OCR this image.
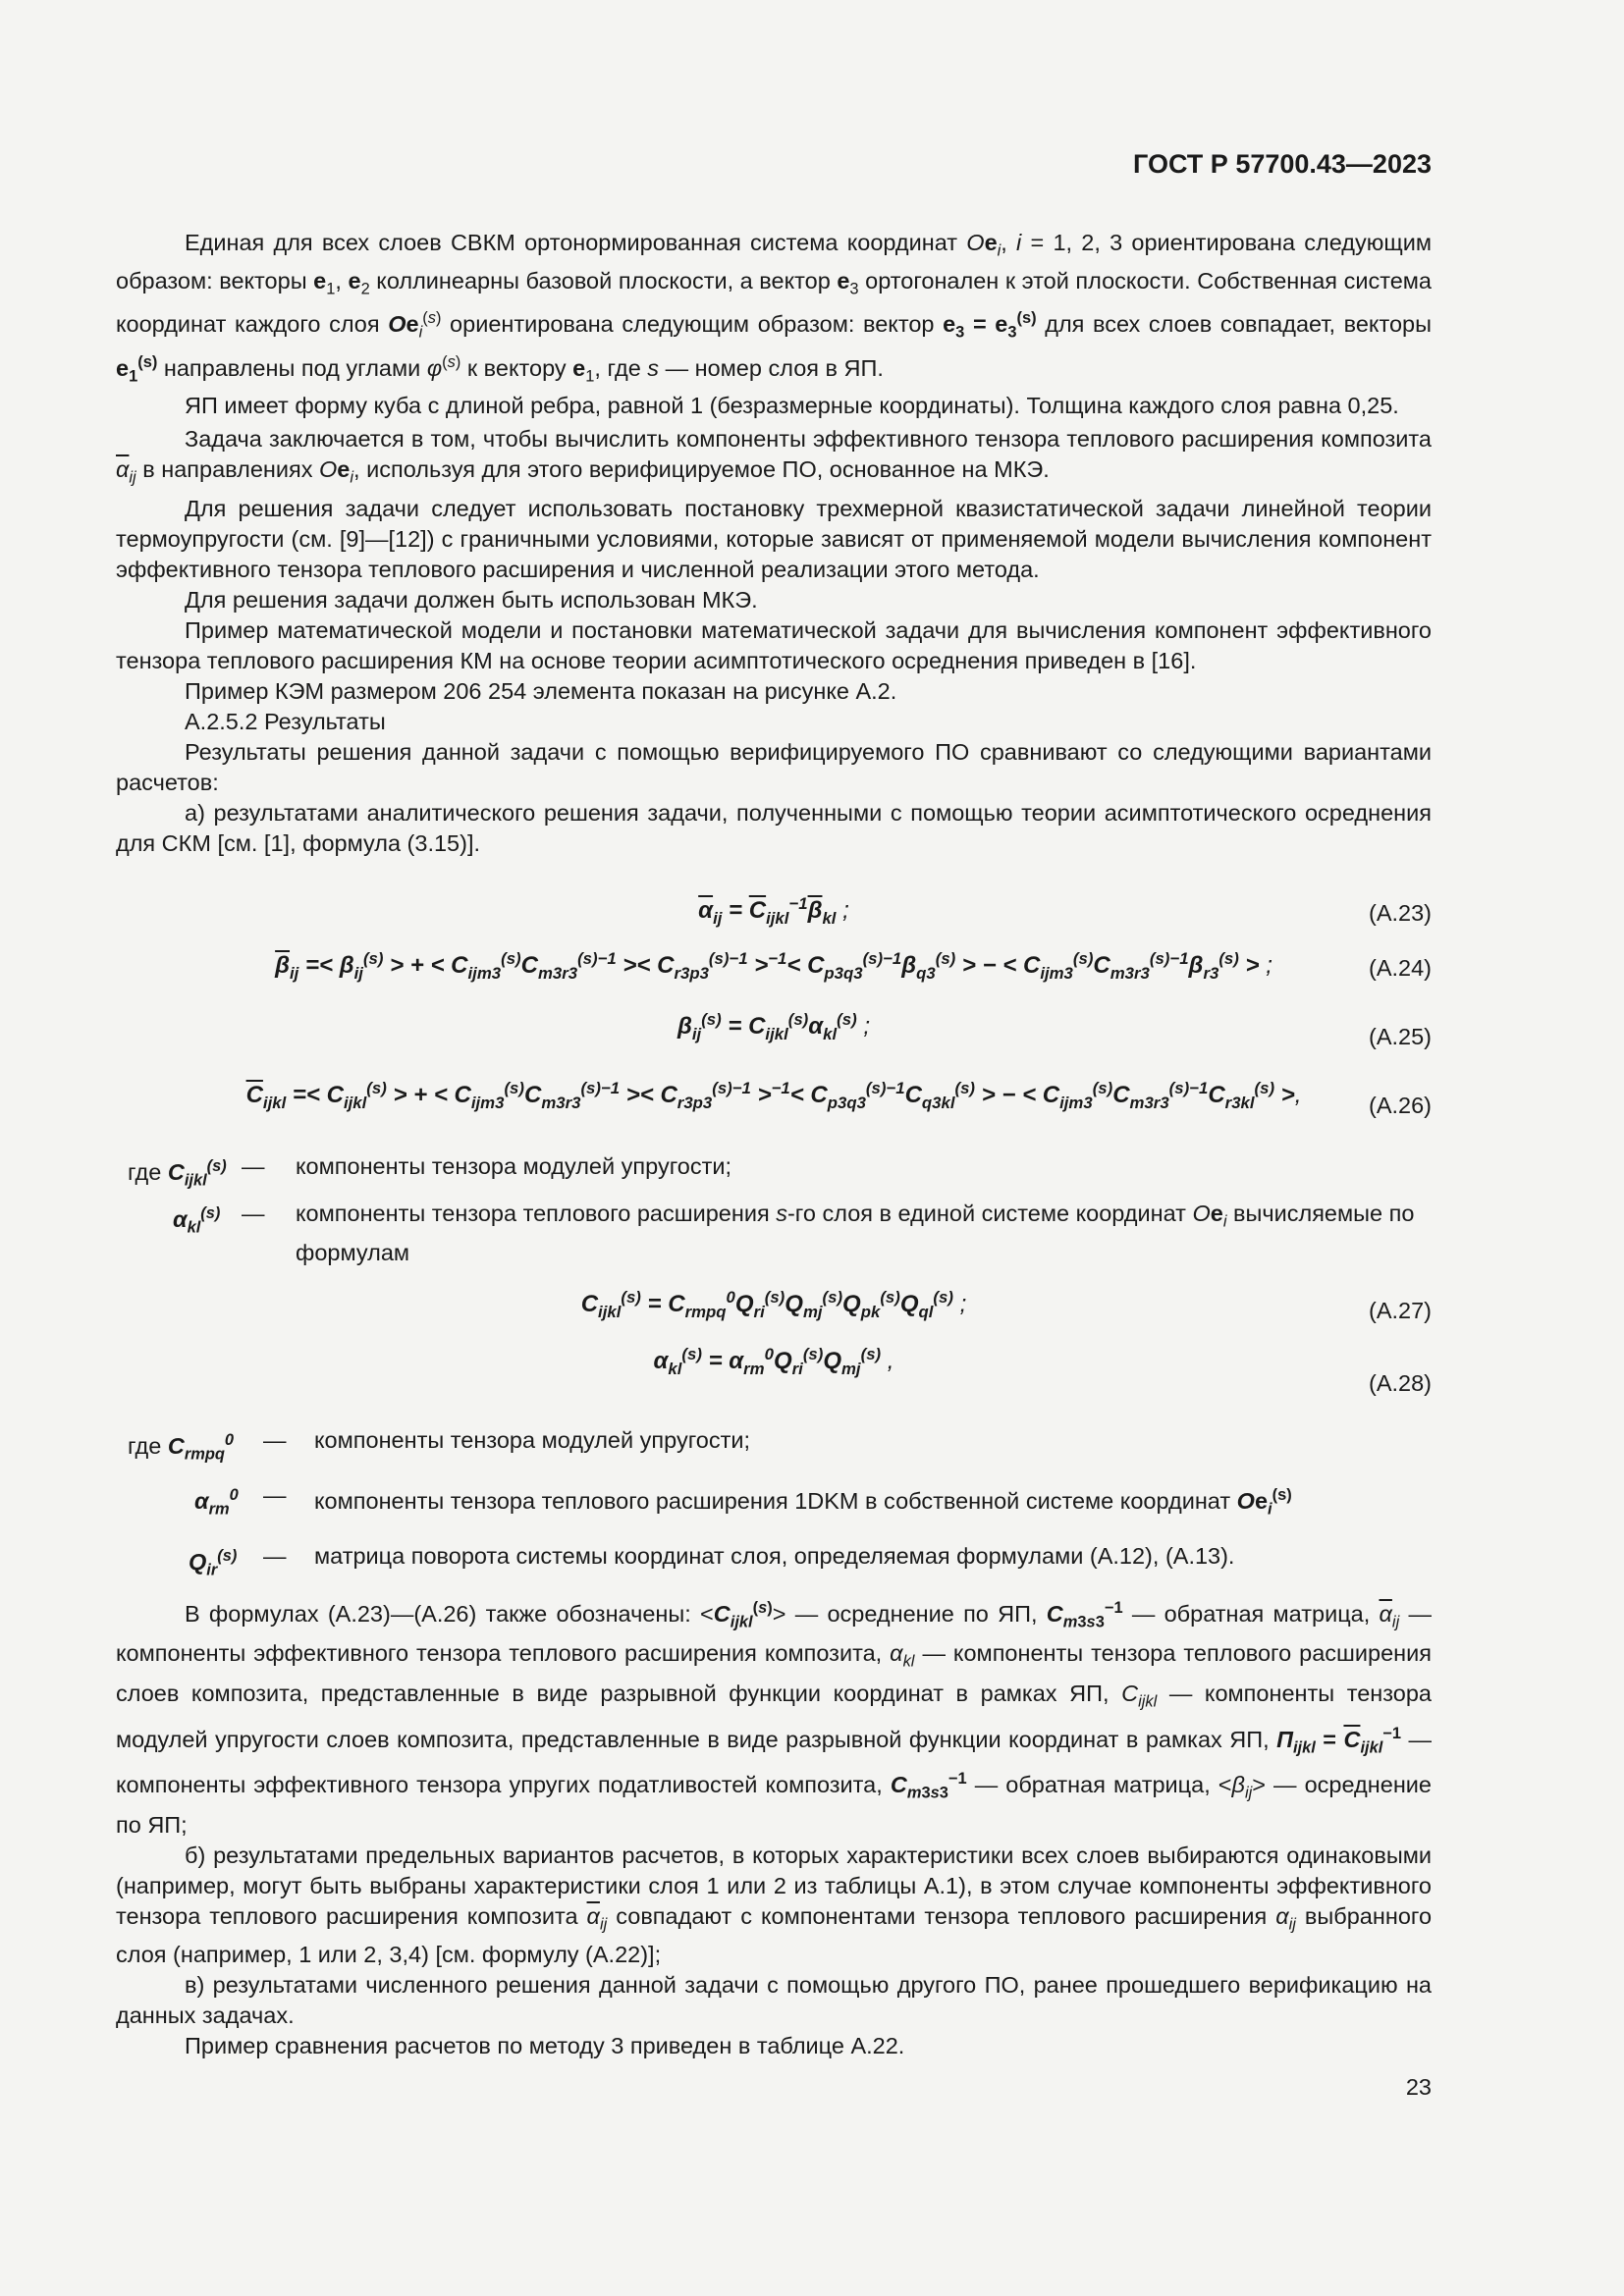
ГОСТ Р 57700.43—2023

Единая для всех слоев СВКМ ортонормированная система координат $Oe_i$, i = 1, 2, 3 ориентирована следующим образом: векторы $e_1$, $e_2$ коллинеарны базовой плоскости, а вектор $e_3$ ортогонален к этой плоскости. Собственная система координат каждого слоя $Oe_i^{(s)}$ ориентирована следующим образом: вектор $e_3 = e_3^{(s)}$ для всех слоев совпадает, векторы $e_1^{(s)}$ направлены под углами $\varphi^{(s)}$ к вектору $e_1$, где s — номер слоя в ЯП.

ЯП имеет форму куба с длиной ребра, равной 1 (безразмерные координаты). Толщина каждого слоя равна 0,25.

Задача заключается в том, чтобы вычислить компоненты эффективного тензора теплового расширения композита $\overline{\alpha}_{ij}$ в направлениях $Oe_i$, используя для этого верифицируемое ПО, основанное на МКЭ.

Для решения задачи следует использовать постановку трехмерной квазистатической задачи линейной теории термоупругости (см. [9]—[12]) с граничными условиями, которые зависят от применяемой модели вычисления компонент эффективного тензора теплового расширения и численной реализации этого метода.

Для решения задачи должен быть использован МКЭ.

Пример математической модели и постановки математической задачи для вычисления компонент эффективного тензора теплового расширения КМ на основе теории асимптотического осреднения приведен в [16].

Пример КЭМ размером 206 254 элемента показан на рисунке А.2.

А.2.5.2 Результаты

Результаты решения данной задачи с помощью верифицируемого ПО сравнивают со следующими вариантами расчетов:

а) результатами аналитического решения задачи, полученными с помощью теории асимптотического осреднения для СКМ [см. [1], формула (3.15)].

$\overline{\alpha}_{ij} = \overline{C}_{ijkl}^{-1}\overline{\beta}_{kl}$ ;	(А.23)
$\overline{\beta}_{ij} =< \beta_{ij}^{(s)}$ > + < $C_{ijm3}^{(s)}C_{m3r3}^{(s)-1} >< C_{r3p3}^{(s)-1} >^{-1}< C_{p3q3}^{(s)-1}\beta_{q3}^{(s)}$ > − < $C_{ijm3}^{(s)}C_{m3r3}^{(s)-1}\beta_{r3}^{(s)}$ > ;	(А.24)
$\beta_{ij}^{(s)} = C_{ijkl}^{(s)}\alpha_{kl}^{(s)}$ ;	(А.25)
$\overline{C}_{ijkl} =< C_{ijkl}^{(s)}$ > + < $C_{ijm3}^{(s)}C_{m3r3}^{(s)-1} >< C_{r3p3}^{(s)-1} >^{-1}< C_{p3q3}^{(s)-1}C_{q3kl}^{(s)}$ > − < $C_{ijm3}^{(s)}C_{m3r3}^{(s)-1}C_{r3kl}^{(s)}$ >,	(А.26)
где $C_{ijkl}^{(s)}$ — компоненты тензора модулей упругости;
$\alpha_{kl}^{(s)}$ — компоненты тензора теплового расширения s-го слоя в единой системе координат $Oe_i$ вычисляемые по формулам
$C_{ijkl}^{(s)} = C_{rmpq}^0Q_{ri}^{(s)}Q_{mj}^{(s)}Q_{pk}^{(s)}Q_{ql}^{(s)}$ ;	(А.27)
$\alpha_{kl}^{(s)} = \alpha_{rm}^0Q_{ri}^{(s)}Q_{mj}^{(s)}$ ,
(А.28)
где $C_{rmpq}^0$ — компоненты тензора модулей упругости;
$\alpha_{rm}^0$ — компоненты тензора теплового расширения 1DKM в собственной системе координат $Oe_i^{(s)}$
$Q_{ir}^{(s)}$ — матрица поворота системы координат слоя, определяемая формулами (А.12), (А.13).

В формулах (А.23)—(А.26) также обозначены: $<C_{ijkl}^{(s)}>$ — осреднение по ЯП, $C_{m3s3}^{-1}$ — обратная матрица, $\overline{\alpha}_{ij}$ — компоненты эффективного тензора теплового расширения композита, $\alpha_{kl}$ — компоненты тензора теплового расширения слоев композита, представленные в виде разрывной функции координат в рамках ЯП, $C_{ijkl}$ — компоненты тензора модулей упругости слоев композита, представленные в виде разрывной функции координат в рамках ЯП, $\Pi_{ijkl} = \overline{C}_{ijkl}^{-1}$ — компоненты эффективного тензора упругих податливостей композита, $C_{m3s3}^{-1}$ — обратная матрица, $<\beta_{ij}>$ — осреднение по ЯП;

б) результатами предельных вариантов расчетов, в которых характеристики всех слоев выбираются одинаковыми (например, могут быть выбраны характеристики слоя 1 или 2 из таблицы А.1), в этом случае компоненты эффективного тензора теплового расширения композита $\overline{\alpha}_{ij}$ совпадают с компонентами тензора теплового расширения $\alpha_{ij}$ выбранного слоя (например, 1 или 2, 3,4) [см. формулу (А.22)];

в) результатами численного решения данной задачи с помощью другого ПО, ранее прошедшего верификацию на данных задачах.

Пример сравнения расчетов по методу 3 приведен в таблице А.22.

23
